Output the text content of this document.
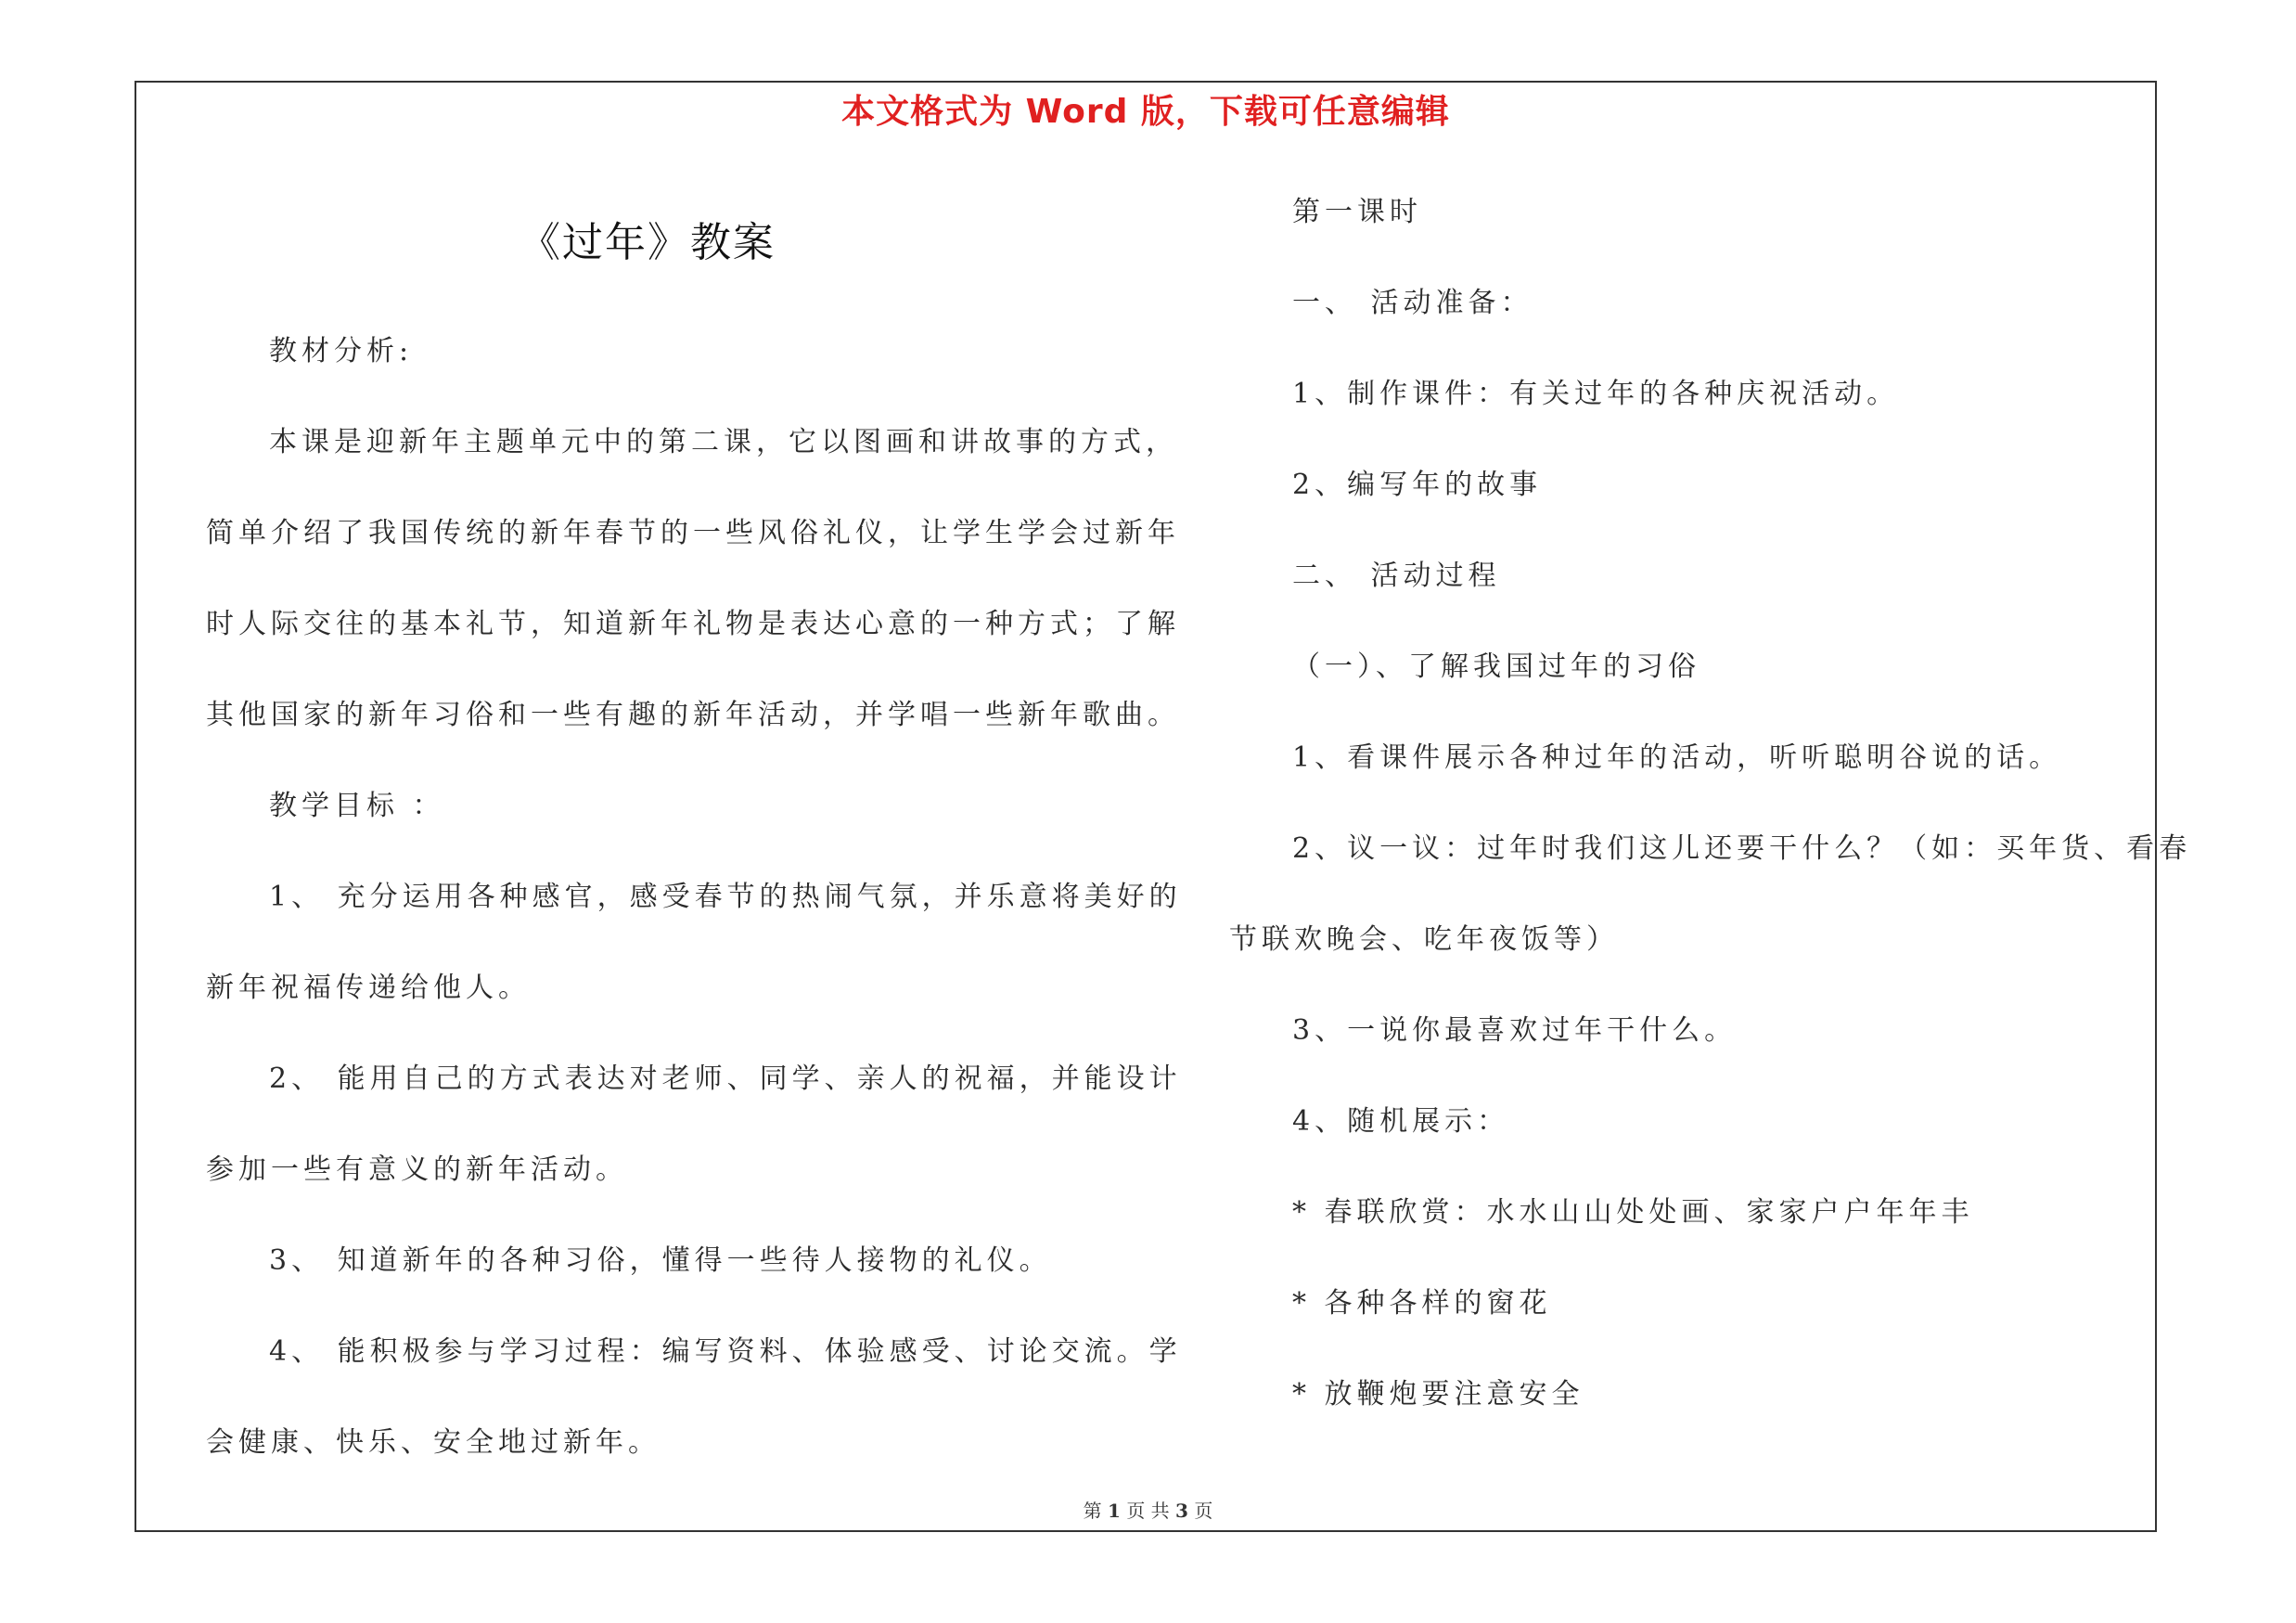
本文格式为 Word 版，下载可任意编辑
《过年》教案
教材分析:
本课是迎新年主题单元中的第二课，它以图画和讲故事的方式，
简单介绍了我国传统的新年春节的一些风俗礼仪，让学生学会过新年
时人际交往的基本礼节，知道新年礼物是表达心意的一种方式；了解
其他国家的新年习俗和一些有趣的新年活动，并学唱一些新年歌曲。
教学目标 ：
1、 充分运用各种感官，感受春节的热闹气氛，并乐意将美好的
新年祝福传递给他人。
2、 能用自己的方式表达对老师、同学、亲人的祝福，并能设计
参加一些有意义的新年活动。
3、 知道新年的各种习俗，懂得一些待人接物的礼仪。
4、 能积极参与学习过程：编写资料、体验感受、讨论交流。学
会健康、快乐、安全地过新年。
第一课时
一、 活动准备：
1、制作课件：有关过年的各种庆祝活动。
2、编写年的故事
二、 活动过程
（一）、了解我国过年的习俗
1、看课件展示各种过年的活动，听听聪明谷说的话。
2、议一议：过年时我们这儿还要干什么？（如：买年货、看春
节联欢晚会、吃年夜饭等）
3、一说你最喜欢过年干什么。
4、随机展示：
* 春联欣赏：水水山山处处画、家家户户年年丰
* 各种各样的窗花
* 放鞭炮要注意安全
第 1 页 共 3 页
